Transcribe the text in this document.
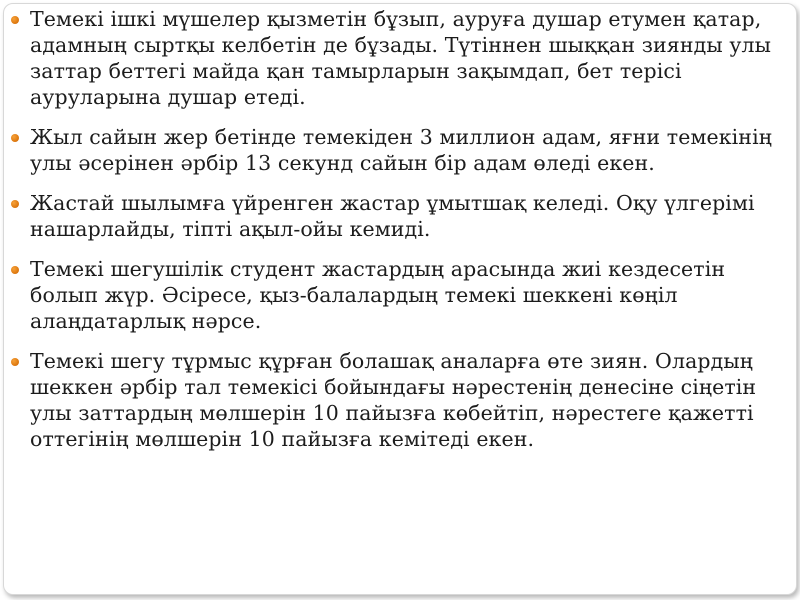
Темекі ішкі мүшелер қызметін бұзып, ауруға душар етумен қатар, адамның сыртқы келбетін де бұзады. Түтіннен шыққан зиянды улы заттар беттегі майда қан тамырларын зақымдап, бет терісі ауруларына душар етеді.
Жыл сайын жер бетінде темекіден 3 миллион адам, яғни темекінің улы әсерінен әрбір 13 секунд сайын бір адам өледі екен.
Жастай шылымға үйренген жастар ұмытшақ келеді. Оқу үлгерімі нашарлайды, тіпті ақыл-ойы кемиді.
Темекі шегушілік студент жастардың арасында жиі кездесетін болып жүр. Әсіресе, қыз-балалардың темекі шеккені көңіл алаңдатарлық нәрсе.
Темекі шегу тұрмыс құрған болашақ аналарға өте зиян. Олардың шеккен әрбір тал темекісі бойындағы нәрестенің денесіне сіңетін улы заттардың мөлшерін 10 пайызға көбейтіп, нәрестеге қажетті оттегінің мөлшерін 10 пайызға кемітеді екен.
